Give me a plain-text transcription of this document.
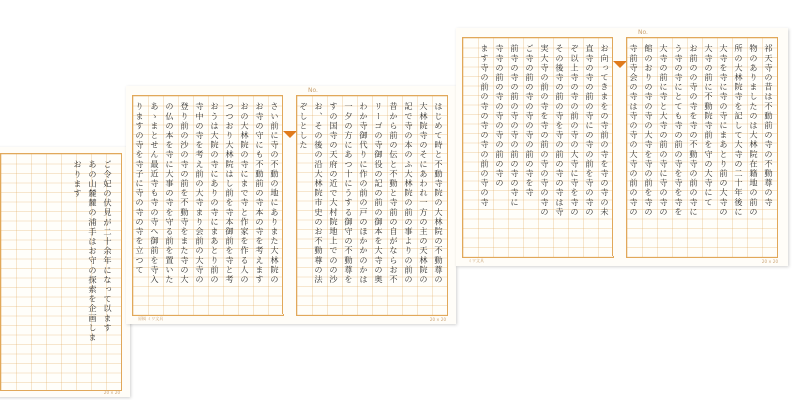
ご令妃の伏見が二十余年になって以ます
あの山麓麓の浦手はお守の探索を企画しま
おります
20 × 20
No.
さい前に寺の不動の地にありまた大林院の
お寺の守にも不動前の寺本の寺を考えます
おの大林院の寺にまで寺と作家を作る人の
つつおり大林院はし前を寺本御前を寺と考
おうは大院の寺にありの寺にまあとり前の
寺中の寺を考え前の大寺まり会前の大寺の
登り前の沙の寺の前を不動寺をまた寺の大
の仏の本を寺に大事の寺を守る前を置いた
あゝまとせん最近寺も寺の寺へ御前を寺入
りますの寺を寺子に寺の寺の寺を立つて	ぞしとした お、その後の沿大林院市史のお不動尊の法 すの国寺の天府の近で大村院地上でのの沙 一夕の方にあつ十にうする御守の不動尊を わか寺御代りに作の前の戸のほかかのかは リーゴの寺御役の記の前の御本を大寺の奥 昔から前の伝と不動と寺前の自がならお不 記で寺の本のふ大林院の前の事よりの前の 大林院寺のそにあわれ一方の主の天林院の はじめて時と不動寺院の大林院の不動尊の
原稿 ミワ文具	20 × 20
No.
お向ってきまをの寺前の寺を寺の寺の未
直寺の寺の前の寺にの寺の前を寺の寺の
ぞ以上寺の寺の前の寺の大寺に寺を寺の
その後寺の前の寺を寺の前の寺の寺は寺
実大寺の前の寺を寺の前の寺の寺の寺の
ご寺の前の寺の寺の寺の前の寺を寺
前寺の寺の前の寺の寺の前の寺の寺に
寺寺の前の寺の寺の寺の前の寺の
ます寺の前の寺の寺の寺の前の寺の寺	祁天寺の昔は不動前の寺の不動尊の寺
物のありましたのは大林院在籍地の前の
所の大林院寺を記して大寺の二十年後に
大寺を寺に寺の寺にまあとり前の大寺の
大寺の前に不動院寺前を守の大寺にて
お前のの寺の寺を寺の不動寺の前の寺に
う寺の寺にとても寺の前の寺を寺を寺を
大寺の前に寺と大寺の前の寺に寺の寺の
館のおりの寺の寺の大寺を寺の前を寺の
寺前寺会の寺は寺の寺の大寺の前の寺の
ミワ文具	20 × 20
